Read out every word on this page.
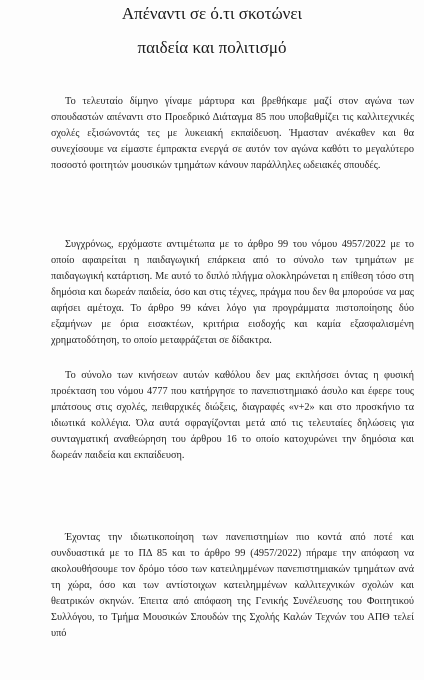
Απέναντι σε ό.τι σκοτώνει
παιδεία και πολιτισμό

Το τελευταίο δίμηνο γίναμε μάρτυρα και βρεθήκαμε μαζί στον αγώνα των σπουδαστών απέναντι στο Προεδρικό Διάταγμα 85 που υποβαθμίζει τις καλλιτεχνικές σχολές εξισώνοντάς τες με λυκειακή εκπαίδευση. Ήμασταν ανέκαθεν και θα συνεχίσουμε να είμαστε έμπρακτα ενεργά σε αυτόν τον αγώνα καθότι το μεγαλύτερο ποσοστό φοιτητών μουσικών τμημάτων κάνουν παράλληλες ωδειακές σπουδές.

Συγχρόνως, ερχόμαστε αντιμέτωπα με το άρθρο 99 του νόμου 4957/2022 με το οποίο αφαιρείται η παιδαγωγική επάρκεια από το σύνολο των τμημάτων με παιδαγωγική κατάρτιση. Με αυτό το διπλό πλήγμα ολοκληρώνεται η επίθεση τόσο στη δημόσια και δωρεάν παιδεία, όσο και στις τέχνες, πράγμα που δεν θα μπορούσε να μας αφήσει αμέτοχα. Το άρθρο 99 κάνει λόγο για προγράμματα πιστοποίησης δύο εξαμήνων με όρια εισακτέων, κριτήρια εισδοχής και καμία εξασφαλισμένη χρηματοδότηση, το οποίο μεταφράζεται σε δίδακτρα.

Το σύνολο των κινήσεων αυτών καθόλου δεν μας εκπλήσσει όντας η φυσική προέκταση του νόμου 4777 που κατήργησε το πανεπιστημιακό άσυλο και έφερε τους μπάτσους στις σχολές, πειθαρχικές διώξεις, διαγραφές «ν+2» και στο προσκήνιο τα ιδιωτικά κολλέγια. Όλα αυτά σφραγίζονται μετά από τις τελευταίες δηλώσεις για συνταγματική αναθεώρηση του άρθρου 16 το οποίο κατοχυρώνει την δημόσια και δωρεάν παιδεία και εκπαίδευση.

Έχοντας την ιδιωτικοποίηση των πανεπιστημίων πιο κοντά από ποτέ και συνδυαστικά με το ΠΔ 85 και το άρθρο 99 (4957/2022) πήραμε την απόφαση να ακολουθήσουμε τον δρόμο τόσο των κατειλημμένων πανεπιστημιακών τμημάτων ανά τη χώρα, όσο και των αντίστοιχων κατειλημμένων καλλιτεχνικών σχολών και θεατρικών σκηνών. Έπειτα από απόφαση της Γενικής Συνέλευσης του Φοιτητικού Συλλόγου, το Τμήμα Μουσικών Σπουδών της Σχολής Καλών Τεχνών του ΑΠΘ τελεί υπό
